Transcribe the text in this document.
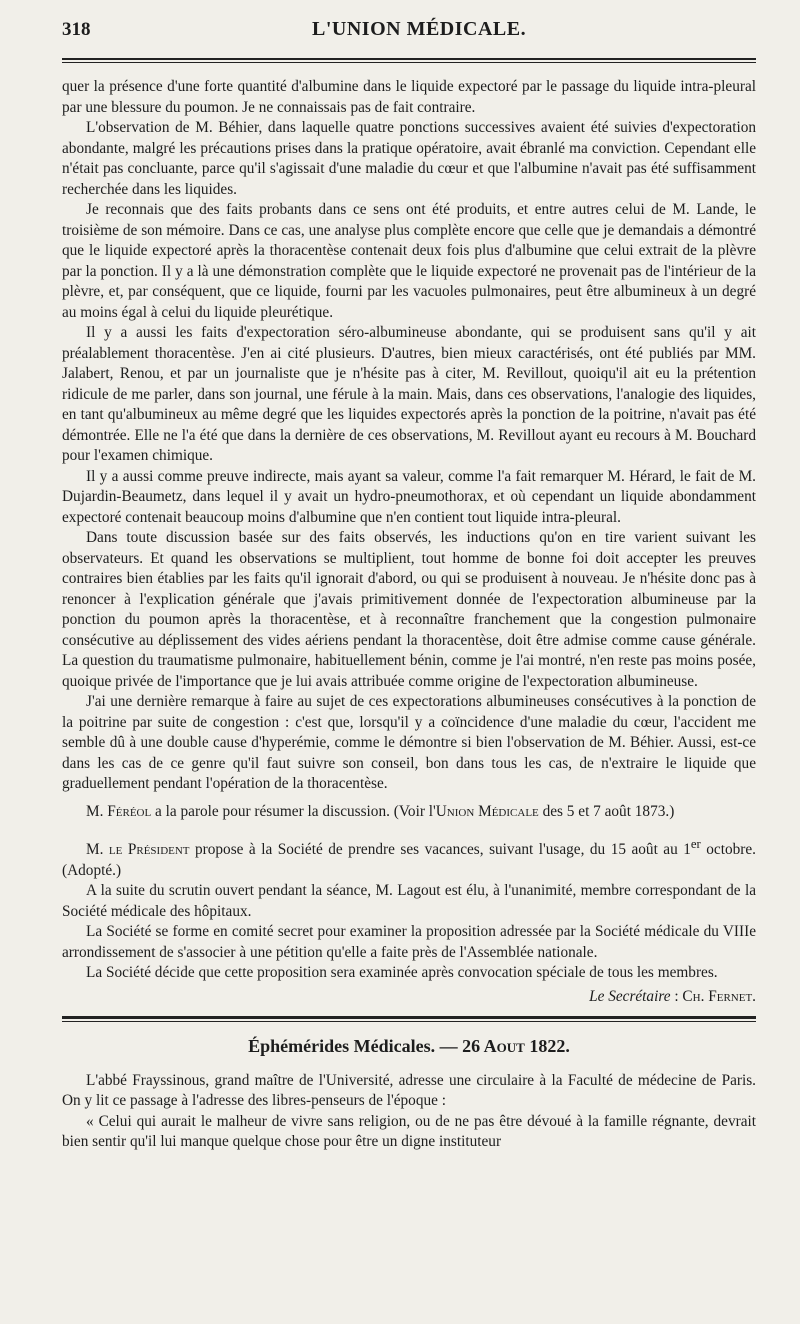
318	L'UNION MÉDICALE.

quer la présence d'une forte quantité d'albumine dans le liquide expectoré par le passage du liquide intra-pleural par une blessure du poumon. Je ne connaissais pas de fait contraire.

L'observation de M. Béhier, dans laquelle quatre ponctions successives avaient été suivies d'expectoration abondante, malgré les précautions prises dans la pratique opératoire, avait ébranlé ma conviction. Cependant elle n'était pas concluante, parce qu'il s'agissait d'une maladie du cœur et que l'albumine n'avait pas été suffisamment recherchée dans les liquides.

Je reconnais que des faits probants dans ce sens ont été produits, et entre autres celui de M. Lande, le troisième de son mémoire. Dans ce cas, une analyse plus complète encore que celle que je demandais a démontré que le liquide expectoré après la thoracentèse contenait deux fois plus d'albumine que celui extrait de la plèvre par la ponction. Il y a là une démonstration complète que le liquide expectoré ne provenait pas de l'intérieur de la plèvre, et, par conséquent, que ce liquide, fourni par les vacuoles pulmonaires, peut être albumineux à un degré au moins égal à celui du liquide pleurétique.

Il y a aussi les faits d'expectoration séro-albumineuse abondante, qui se produisent sans qu'il y ait préalablement thoracentèse. J'en ai cité plusieurs. D'autres, bien mieux caractérisés, ont été publiés par MM. Jalabert, Renou, et par un journaliste que je n'hésite pas à citer, M. Revillout, quoiqu'il ait eu la prétention ridicule de me parler, dans son journal, une férule à la main. Mais, dans ces observations, l'analogie des liquides, en tant qu'albumineux au même degré que les liquides expectorés après la ponction de la poitrine, n'avait pas été démontrée. Elle ne l'a été que dans la dernière de ces observations, M. Revillout ayant eu recours à M. Bouchard pour l'examen chimique.

Il y a aussi comme preuve indirecte, mais ayant sa valeur, comme l'a fait remarquer M. Hérard, le fait de M. Dujardin-Beaumetz, dans lequel il y avait un hydro-pneumothorax, et où cependant un liquide abondamment expectoré contenait beaucoup moins d'albumine que n'en contient tout liquide intra-pleural.

Dans toute discussion basée sur des faits observés, les inductions qu'on en tire varient suivant les observateurs. Et quand les observations se multiplient, tout homme de bonne foi doit accepter les preuves contraires bien établies par les faits qu'il ignorait d'abord, ou qui se produisent à nouveau. Je n'hésite donc pas à renoncer à l'explication générale que j'avais primitivement donnée de l'expectoration albumineuse par la ponction du poumon après la thoracentèse, et à reconnaître franchement que la congestion pulmonaire consécutive au déplissement des vides aériens pendant la thoracentèse, doit être admise comme cause générale. La question du traumatisme pulmonaire, habituellement bénin, comme je l'ai montré, n'en reste pas moins posée, quoique privée de l'importance que je lui avais attribuée comme origine de l'expectoration albumineuse.

J'ai une dernière remarque à faire au sujet de ces expectorations albumineuses consécutives à la ponction de la poitrine par suite de congestion : c'est que, lorsqu'il y a coïncidence d'une maladie du cœur, l'accident me semble dû à une double cause d'hyperémie, comme le démontre si bien l'observation de M. Béhier. Aussi, est-ce dans les cas de ce genre qu'il faut suivre son conseil, bon dans tous les cas, de n'extraire le liquide que graduellement pendant l'opération de la thoracentèse.

M. Féréol a la parole pour résumer la discussion. (Voir l'Union Médicale des 5 et 7 août 1873.)

M. le Président propose à la Société de prendre ses vacances, suivant l'usage, du 15 août au 1er octobre. (Adopté.)

A la suite du scrutin ouvert pendant la séance, M. Lagout est élu, à l'unanimité, membre correspondant de la Société médicale des hôpitaux.

La Société se forme en comité secret pour examiner la proposition adressée par la Société médicale du VIIIe arrondissement de s'associer à une pétition qu'elle a faite près de l'Assemblée nationale.

La Société décide que cette proposition sera examinée après convocation spéciale de tous les membres.

Le Secrétaire : Ch. Fernet.
Éphémérides Médicales. — 26 Aout 1822.

L'abbé Frayssinous, grand maître de l'Université, adresse une circulaire à la Faculté de médecine de Paris. On y lit ce passage à l'adresse des libres-penseurs de l'époque :

« Celui qui aurait le malheur de vivre sans religion, ou de ne pas être dévoué à la famille régnante, devrait bien sentir qu'il lui manque quelque chose pour être un digne instituteur
